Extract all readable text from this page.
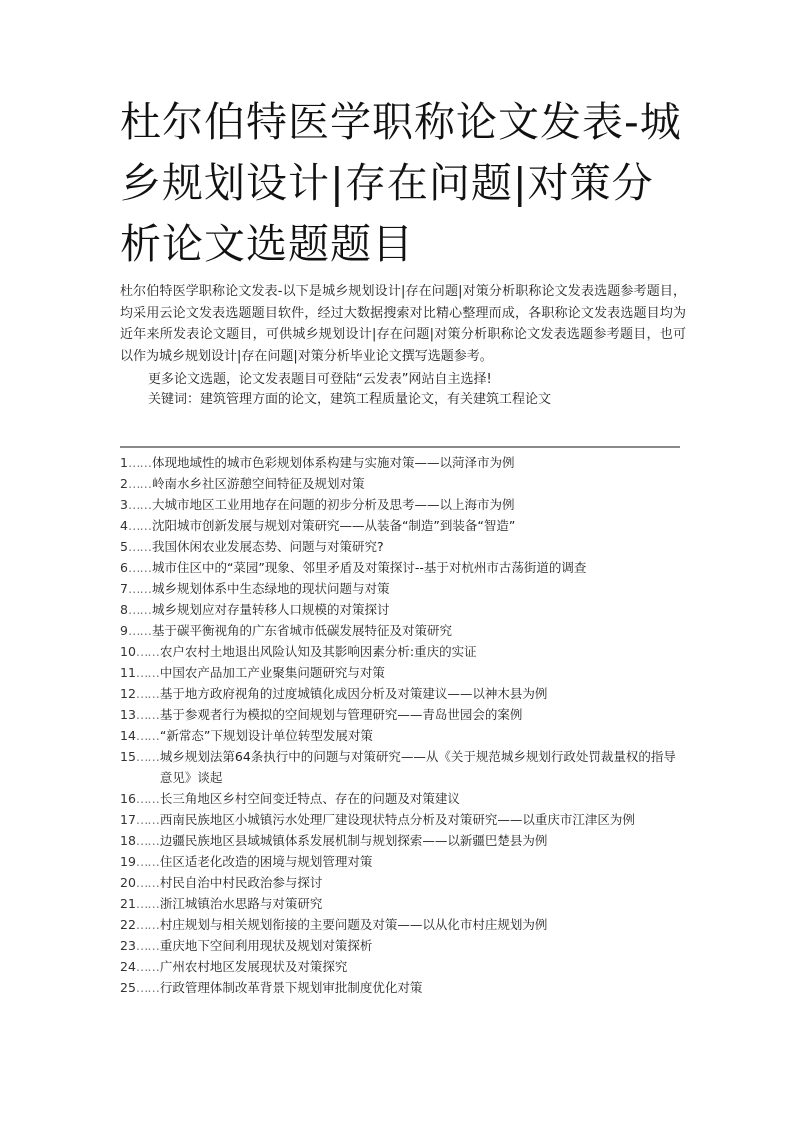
杜尔伯特医学职称论文发表-城乡规划设计|存在问题|对策分析论文选题题目

杜尔伯特医学职称论文发表-以下是城乡规划设计|存在问题|对策分析职称论文发表选题参考题目，均采用云论文发表选题题目软件，经过大数据搜索对比精心整理而成，各职称论文发表选题目均为近年来所发表论文题目，可供城乡规划设计|存在问题|对策分析职称论文发表选题参考题目，也可以作为城乡规划设计|存在问题|对策分析毕业论文撰写选题参考。

更多论文选题，论文发表题目可登陆“云发表”网站自主选择!

关键词：建筑管理方面的论文，建筑工程质量论文，有关建筑工程论文

1 …… 体现地域性的城市色彩规划体系构建与实施对策——以菏泽市为例
2 …… 岭南水乡社区游憩空间特征及规划对策
3 …… 大城市地区工业用地存在问题的初步分析及思考——以上海市为例
4 …… 沈阳城市创新发展与规划对策研究——从装备“制造”到装备“智造”
5 …… 我国休闲农业发展态势、问题与对策研究?
6 …… 城市住区中的“菜园”现象、邻里矛盾及对策探讨--基于对杭州市古荡街道的调查
7 …… 城乡规划体系中生态绿地的现状问题与对策
8 …… 城乡规划应对存量转移人口规模的对策探讨
9 …… 基于碳平衡视角的广东省城市低碳发展特征及对策研究
10 …… 农户农村土地退出风险认知及其影响因素分析:重庆的实证
11 …… 中国农产品加工产业聚集问题研究与对策
12 …… 基于地方政府视角的过度城镇化成因分析及对策建议——以神木县为例
13 …… 基于参观者行为模拟的空间规划与管理研究——青岛世园会的案例
14 …… “新常态”下规划设计单位转型发展对策
15 …… 城乡规划法第64条执行中的问题与对策研究——从《关于规范城乡规划行政处罚裁量权的指导意见》谈起
16 …… 长三角地区乡村空间变迁特点、存在的问题及对策建议
17 …… 西南民族地区小城镇污水处理厂建设现状特点分析及对策研究——以重庆市江津区为例
18 …… 边疆民族地区县域城镇体系发展机制与规划探索——以新疆巴楚县为例
19 …… 住区适老化改造的困境与规划管理对策
20 …… 村民自治中村民政治参与探讨
21 …… 浙江城镇治水思路与对策研究
22 …… 村庄规划与相关规划衔接的主要问题及对策——以从化市村庄规划为例
23 …… 重庆地下空间利用现状及规划对策探析
24 …… 广州农村地区发展现状及对策探究
25 …… 行政管理体制改革背景下规划审批制度优化对策
